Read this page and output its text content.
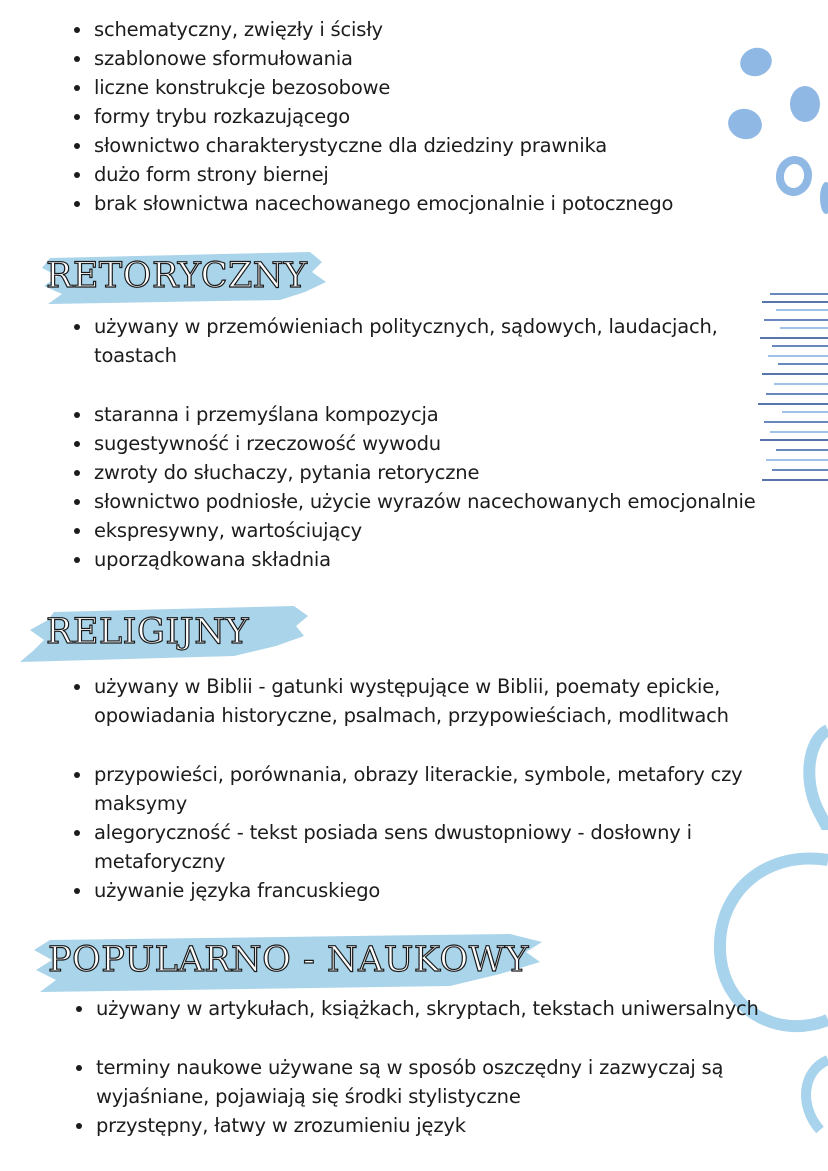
schematyczny, zwięzły i ścisły
szablonowe sformułowania
liczne konstrukcje bezosobowe
formy trybu rozkazującego
słownictwo charakterystyczne dla dziedziny prawnika
dużo form strony biernej
brak słownictwa nacechowanego emocjonalnie i potocznego
RETORYCZNY
używany w przemówieniach politycznych, sądowych, laudacjach, toastach
staranna i przemyślana kompozycja
sugestywność i rzeczowość wywodu
zwroty do słuchaczy, pytania retoryczne
słownictwo podniosłe, użycie wyrazów nacechowanych emocjonalnie
ekspresywny, wartościujący
uporządkowana składnia
RELIGIJNY
używany w Biblii - gatunki występujące w Biblii, poematy epickie, opowiadania historyczne, psalmach, przypowieściach, modlitwach
przypowieści, porównania, obrazy literackie, symbole, metafory czy maksymy
alegoryczność - tekst posiada sens dwustopniowy - dosłowny i metaforyczny
używanie języka francuskiego
POPULARNO - NAUKOWY
używany w artykułach, książkach, skryptach, tekstach uniwersalnych
terminy naukowe używane są w sposób oszczędny i zazwyczaj są wyjaśniane, pojawiają się środki stylistyczne
przystępny, łatwy w zrozumieniu język
